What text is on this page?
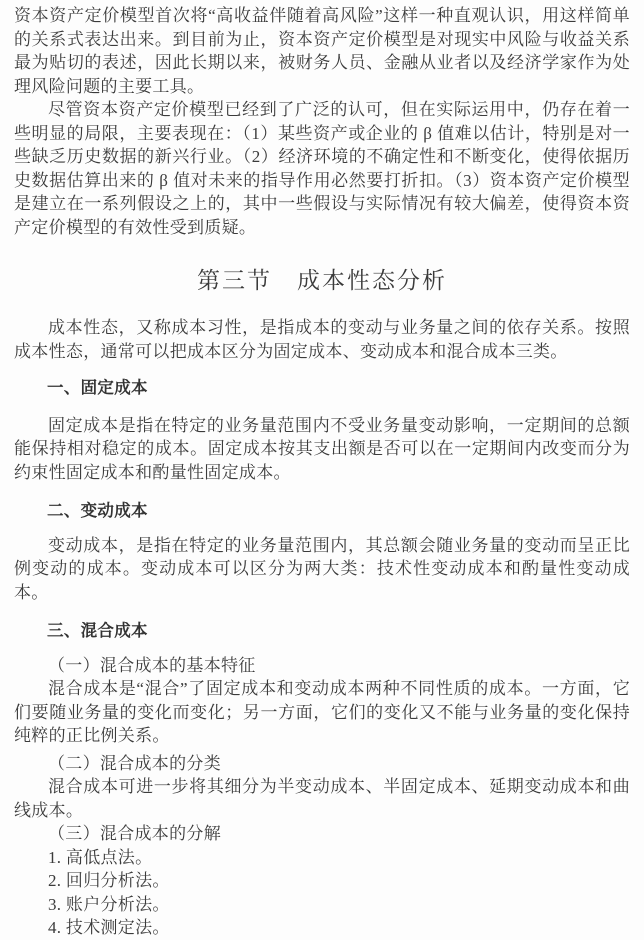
资本资产定价模型首次将“高收益伴随着高风险”这样一种直观认识，用这样简单的关系式表达出来。到目前为止，资本资产定价模型是对现实中风险与收益关系最为贴切的表述，因此长期以来，被财务人员、金融从业者以及经济学家作为处理风险问题的主要工具。

尽管资本资产定价模型已经到了广泛的认可，但在实际运用中，仍存在着一些明显的局限，主要表现在：（1）某些资产或企业的 β 值难以估计，特别是对一些缺乏历史数据的新兴行业。（2）经济环境的不确定性和不断变化，使得依据历史数据估算出来的 β 值对未来的指导作用必然要打折扣。（3）资本资产定价模型是建立在一系列假设之上的，其中一些假设与实际情况有较大偏差，使得资本资产定价模型的有效性受到质疑。

第三节　成本性态分析

成本性态，又称成本习性，是指成本的变动与业务量之间的依存关系。按照成本性态，通常可以把成本区分为固定成本、变动成本和混合成本三类。

一、固定成本

固定成本是指在特定的业务量范围内不受业务量变动影响，一定期间的总额能保持相对稳定的成本。固定成本按其支出额是否可以在一定期间内改变而分为约束性固定成本和酌量性固定成本。

二、变动成本

变动成本，是指在特定的业务量范围内，其总额会随业务量的变动而呈正比例变动的成本。变动成本可以区分为两大类：技术性变动成本和酌量性变动成本。

三、混合成本

（一）混合成本的基本特征

混合成本是“混合”了固定成本和变动成本两种不同性质的成本。一方面，它们要随业务量的变化而变化；另一方面，它们的变化又不能与业务量的变化保持纯粹的正比例关系。

（二）混合成本的分类

混合成本可进一步将其细分为半变动成本、半固定成本、延期变动成本和曲线成本。

（三）混合成本的分解

1. 高低点法。

2. 回归分析法。

3. 账户分析法。

4. 技术测定法。
